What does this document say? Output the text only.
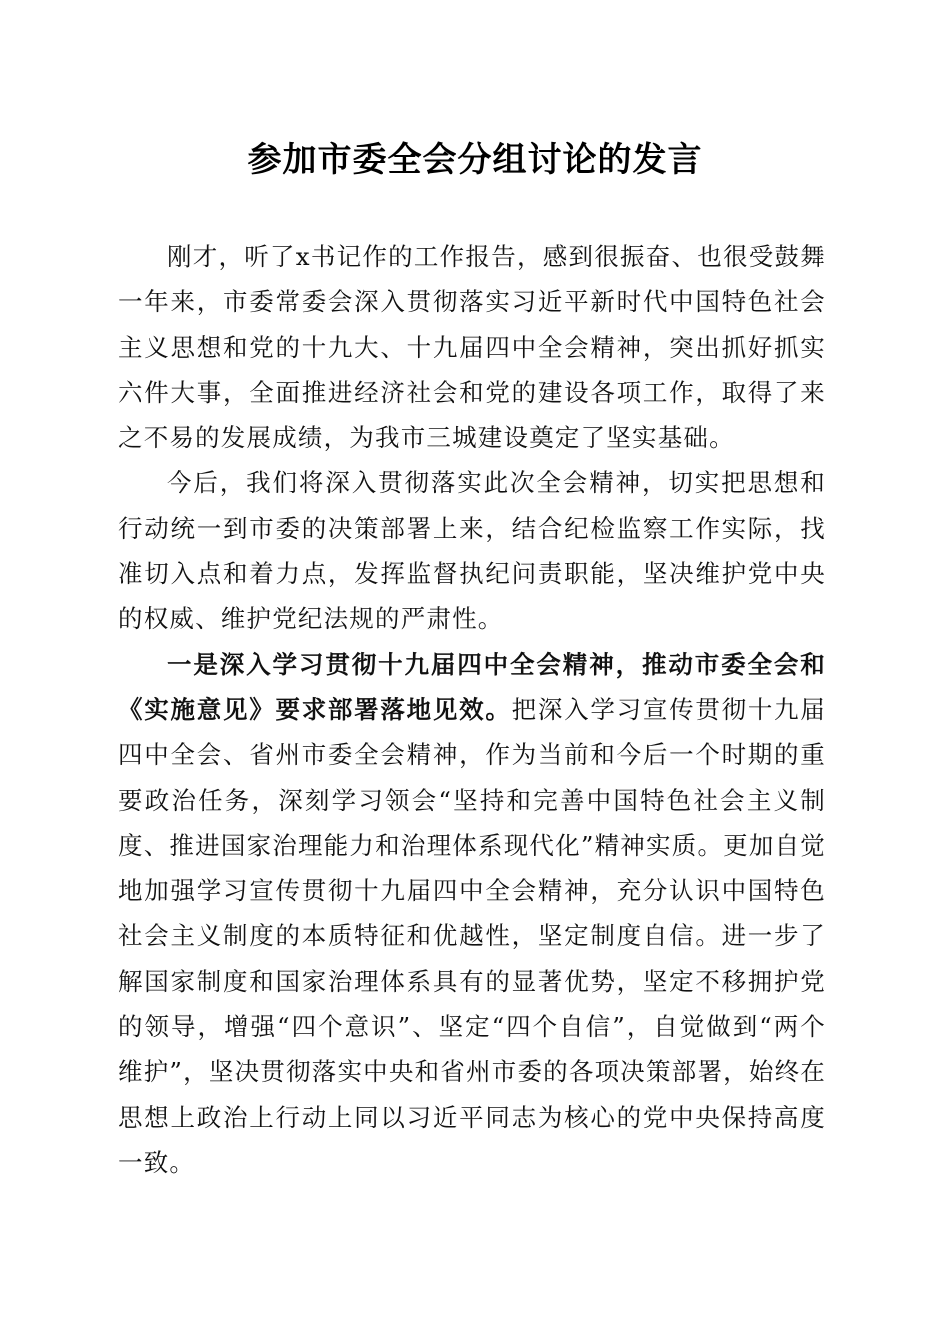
参加市委全会分组讨论的发言

刚才，听了x书记作的工作报告，感到很振奋、也很受鼓舞一年来，市委常委会深入贯彻落实习近平新时代中国特色社会主义思想和党的十九大、十九届四中全会精神，突出抓好抓实六件大事，全面推进经济社会和党的建设各项工作，取得了来之不易的发展成绩，为我市三城建设奠定了坚实基础。

今后，我们将深入贯彻落实此次全会精神，切实把思想和行动统一到市委的决策部署上来，结合纪检监察工作实际，找准切入点和着力点，发挥监督执纪问责职能，坚决维护党中央的权威、维护党纪法规的严肃性。

一是深入学习贯彻十九届四中全会精神，推动市委全会和《实施意见》要求部署落地见效。把深入学习宣传贯彻十九届四中全会、省州市委全会精神，作为当前和今后一个时期的重要政治任务，深刻学习领会“坚持和完善中国特色社会主义制度、推进国家治理能力和治理体系现代化”精神实质。更加自觉地加强学习宣传贯彻十九届四中全会精神，充分认识中国特色社会主义制度的本质特征和优越性，坚定制度自信。进一步了解国家制度和国家治理体系具有的显著优势，坚定不移拥护党的领导，增强“四个意识”、坚定“四个自信”，自觉做到“两个维护”，坚决贯彻落实中央和省州市委的各项决策部署，始终在思想上政治上行动上同以习近平同志为核心的党中央保持高度一致。
